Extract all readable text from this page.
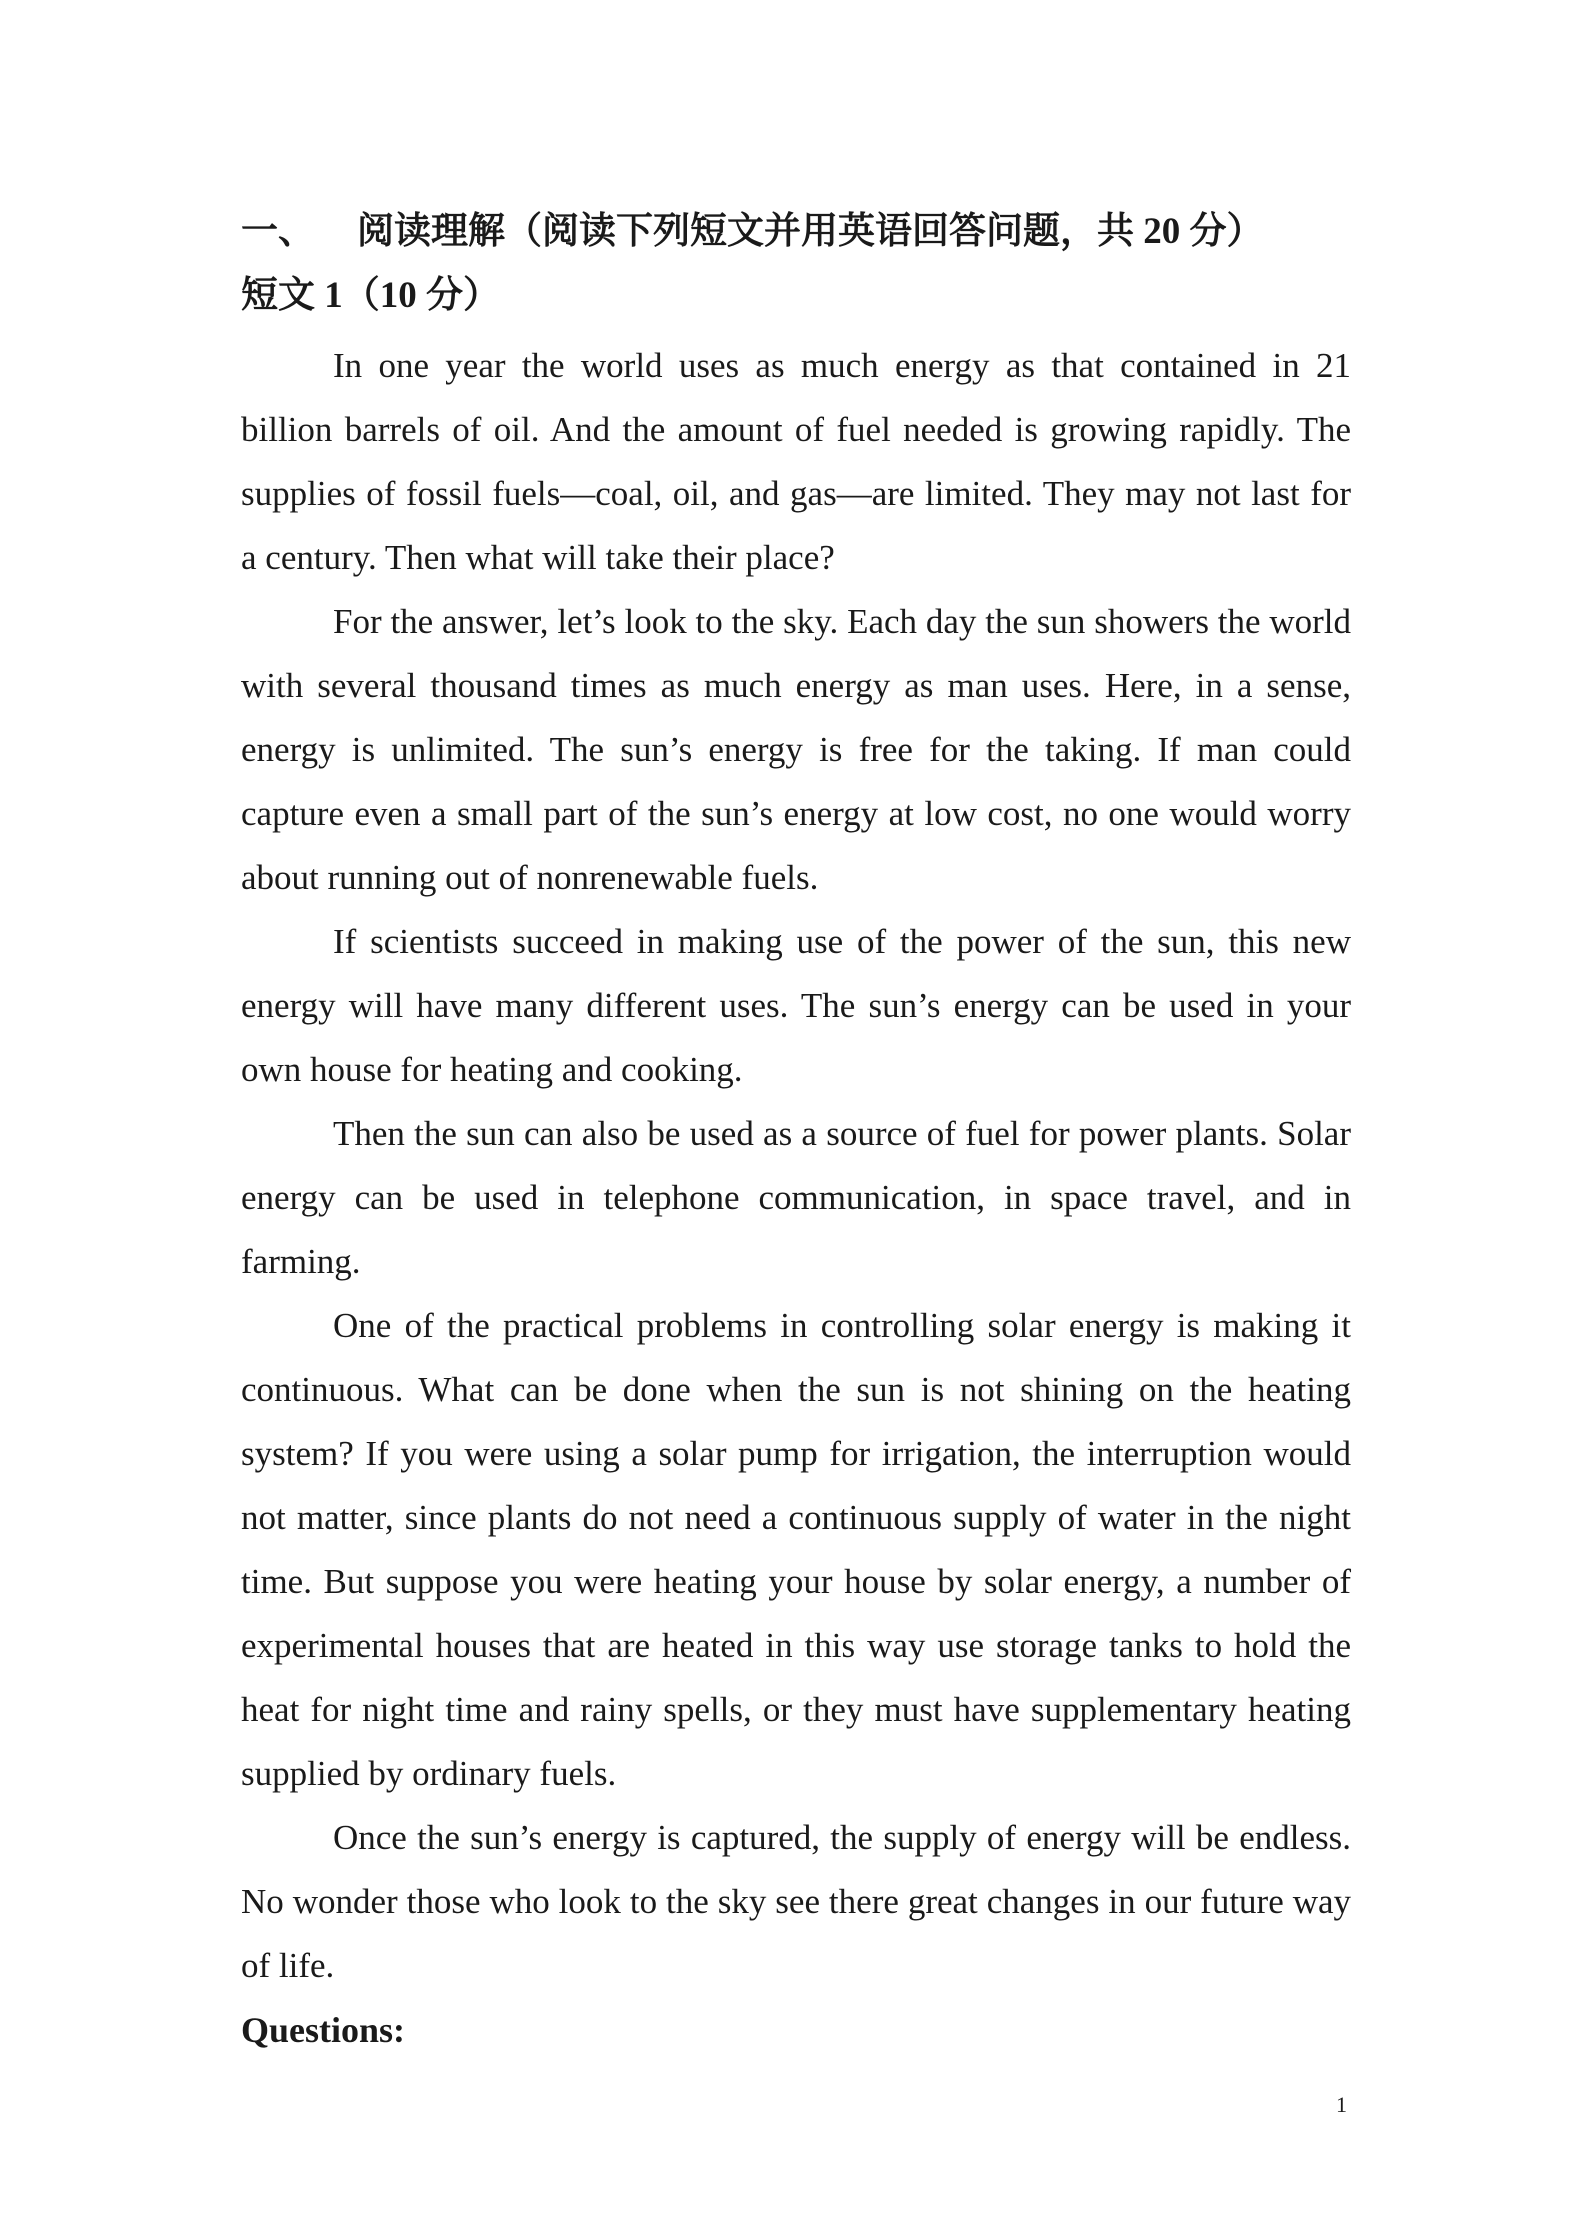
一、 阅读理解（阅读下列短文并用英语回答问题，共 20 分）
短文 1（10 分）

In one year the world uses as much energy as that contained in 21 billion barrels of oil. And the amount of fuel needed is growing rapidly. The supplies of fossil fuels—coal, oil, and gas—are limited. They may not last for a century. Then what will take their place?

For the answer, let’s look to the sky. Each day the sun showers the world with several thousand times as much energy as man uses. Here, in a sense, energy is unlimited. The sun’s energy is free for the taking. If man could capture even a small part of the sun’s energy at low cost, no one would worry about running out of nonrenewable fuels.

If scientists succeed in making use of the power of the sun, this new energy will have many different uses. The sun’s energy can be used in your own house for heating and cooking.

Then the sun can also be used as a source of fuel for power plants. Solar energy can be used in telephone communication, in space travel, and in farming.

One of the practical problems in controlling solar energy is making it continuous. What can be done when the sun is not shining on the heating system? If you were using a solar pump for irrigation, the interruption would not matter, since plants do not need a continuous supply of water in the night time. But suppose you were heating your house by solar energy, a number of experimental houses that are heated in this way use storage tanks to hold the heat for night time and rainy spells, or they must have supplementary heating supplied by ordinary fuels.

Once the sun’s energy is captured, the supply of energy will be endless. No wonder those who look to the sky see there great changes in our future way of life.

Questions:
1
